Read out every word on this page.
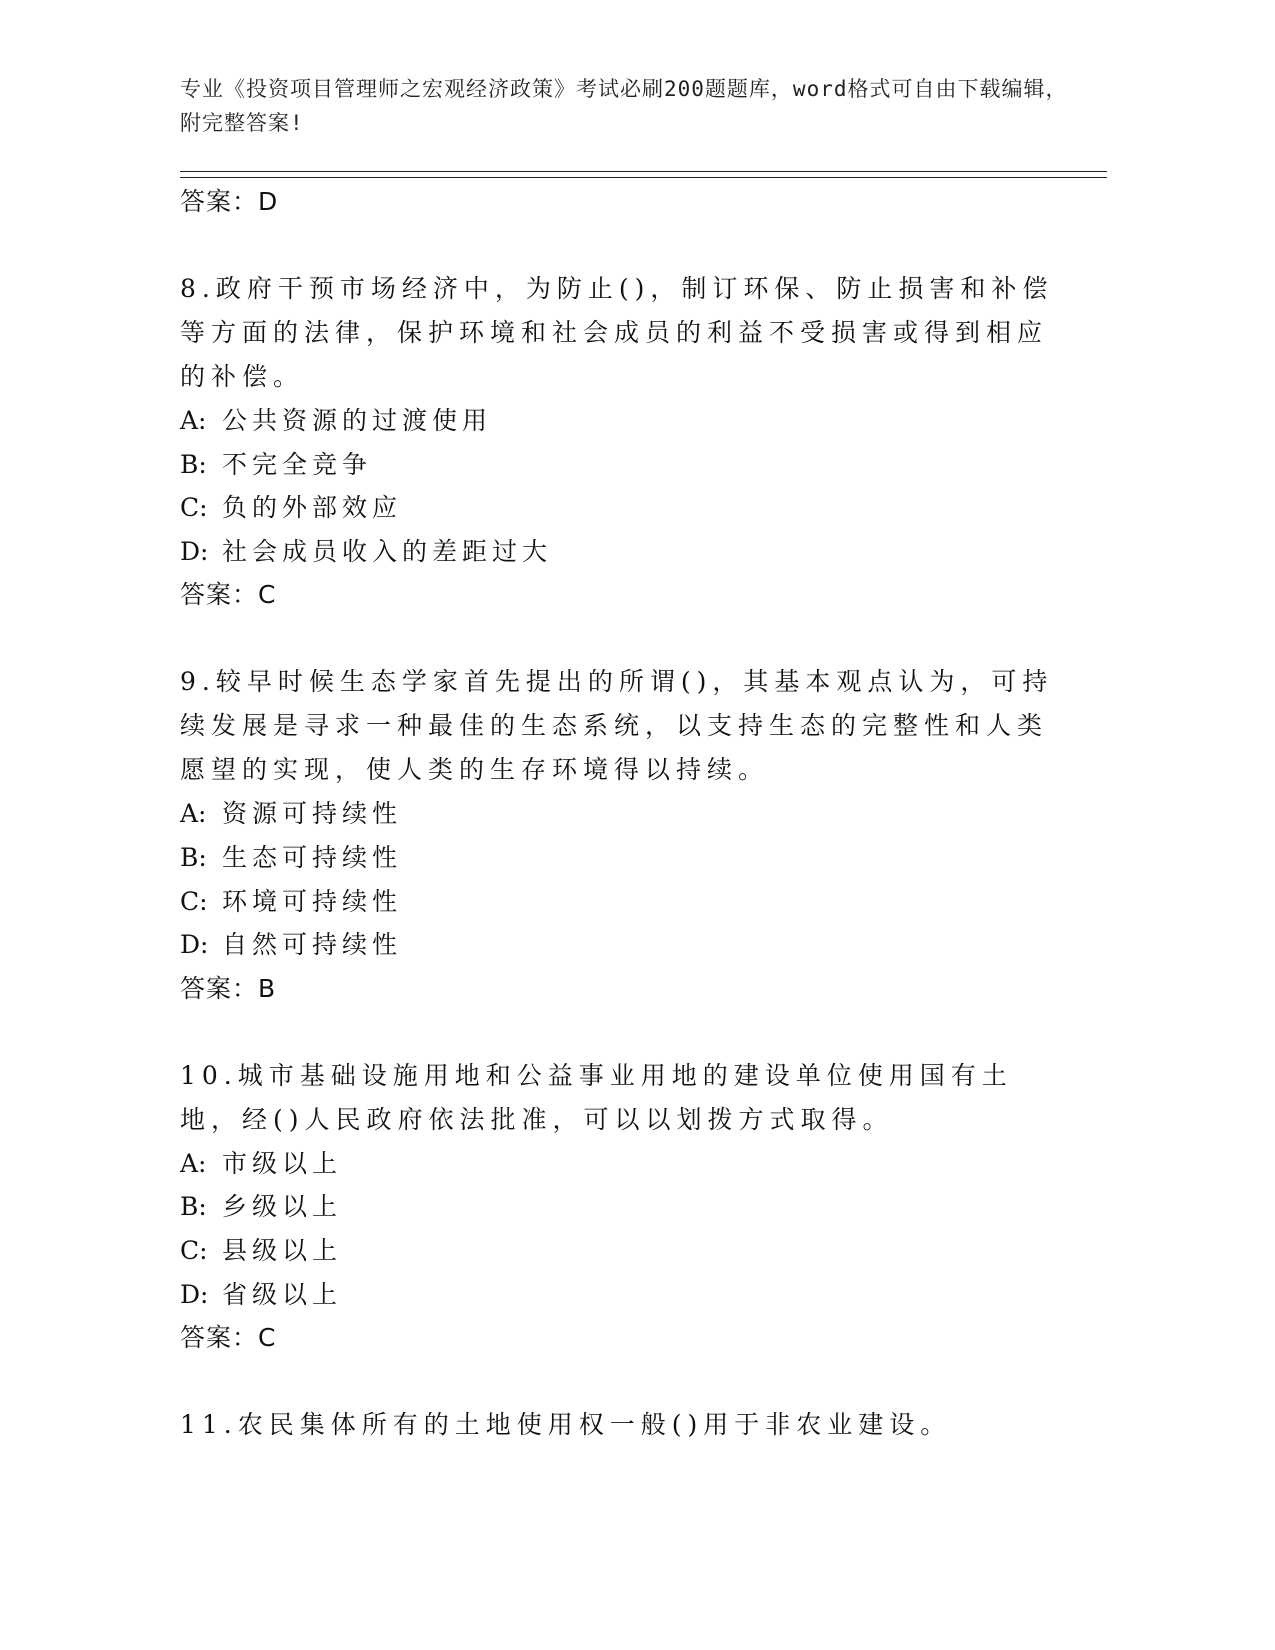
专业《投资项目管理师之宏观经济政策》考试必刷200题题库，word格式可自由下载编辑，附完整答案!
答案：D

8.政府干预市场经济中，为防止()，制订环保、防止损害和补偿等方面的法律，保护环境和社会成员的利益不受损害或得到相应的补偿。

A: 公共资源的过渡使用
B: 不完全竞争
C: 负的外部效应
D: 社会成员收入的差距过大
答案：C

9.较早时候生态学家首先提出的所谓()，其基本观点认为，可持续发展是寻求一种最佳的生态系统，以支持生态的完整性和人类愿望的实现，使人类的生存环境得以持续。

A: 资源可持续性
B: 生态可持续性
C: 环境可持续性
D: 自然可持续性
答案：B

10.城市基础设施用地和公益事业用地的建设单位使用国有土地，经()人民政府依法批准，可以以划拨方式取得。

A: 市级以上
B: 乡级以上
C: 县级以上
D: 省级以上
答案：C

11.农民集体所有的土地使用权一般()用于非农业建设。
